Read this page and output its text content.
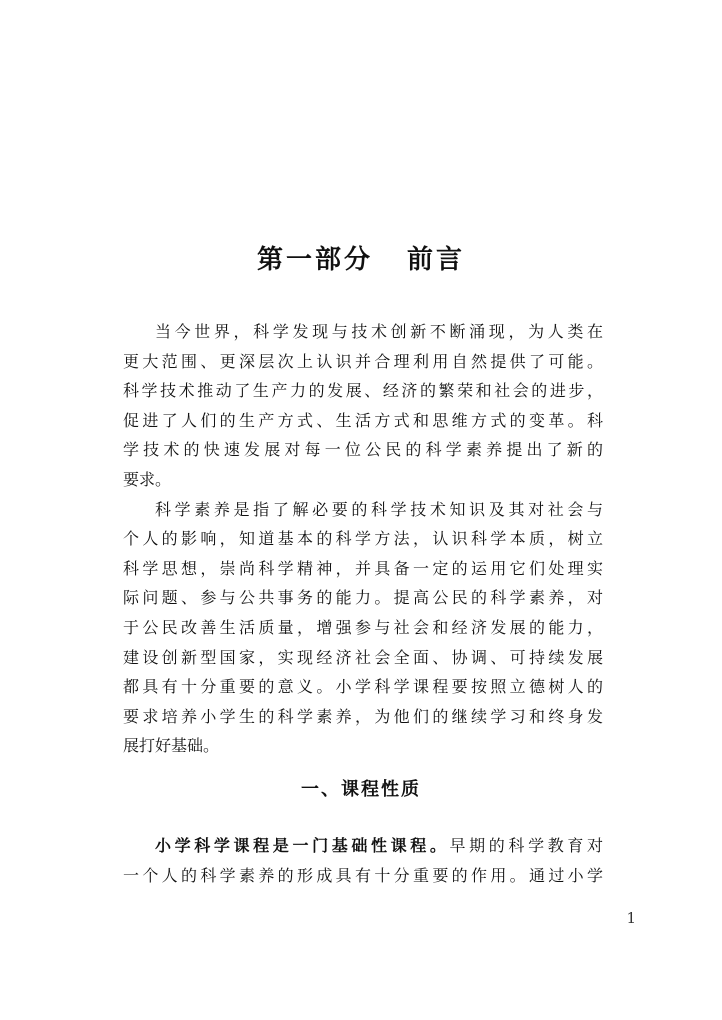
第一部分 前言
当今世界，科学发现与技术创新不断涌现，为人类在
更大范围、更深层次上认识并合理利用自然提供了可能。
科学技术推动了生产力的发展、经济的繁荣和社会的进步，
促进了人们的生产方式、生活方式和思维方式的变革。科
学技术的快速发展对每一位公民的科学素养提出了新的
要求。
科学素养是指了解必要的科学技术知识及其对社会与
个人的影响，知道基本的科学方法，认识科学本质，树立
科学思想，崇尚科学精神，并具备一定的运用它们处理实
际问题、参与公共事务的能力。提高公民的科学素养，对
于公民改善生活质量，增强参与社会和经济发展的能力，
建设创新型国家，实现经济社会全面、协调、可持续发展
都具有十分重要的意义。小学科学课程要按照立德树人的
要求培养小学生的科学素养，为他们的继续学习和终身发
展打好基础。
一、课程性质
小学科学课程是一门基础性课程。早期的科学教育对
一个人的科学素养的形成具有十分重要的作用。通过小学
1
